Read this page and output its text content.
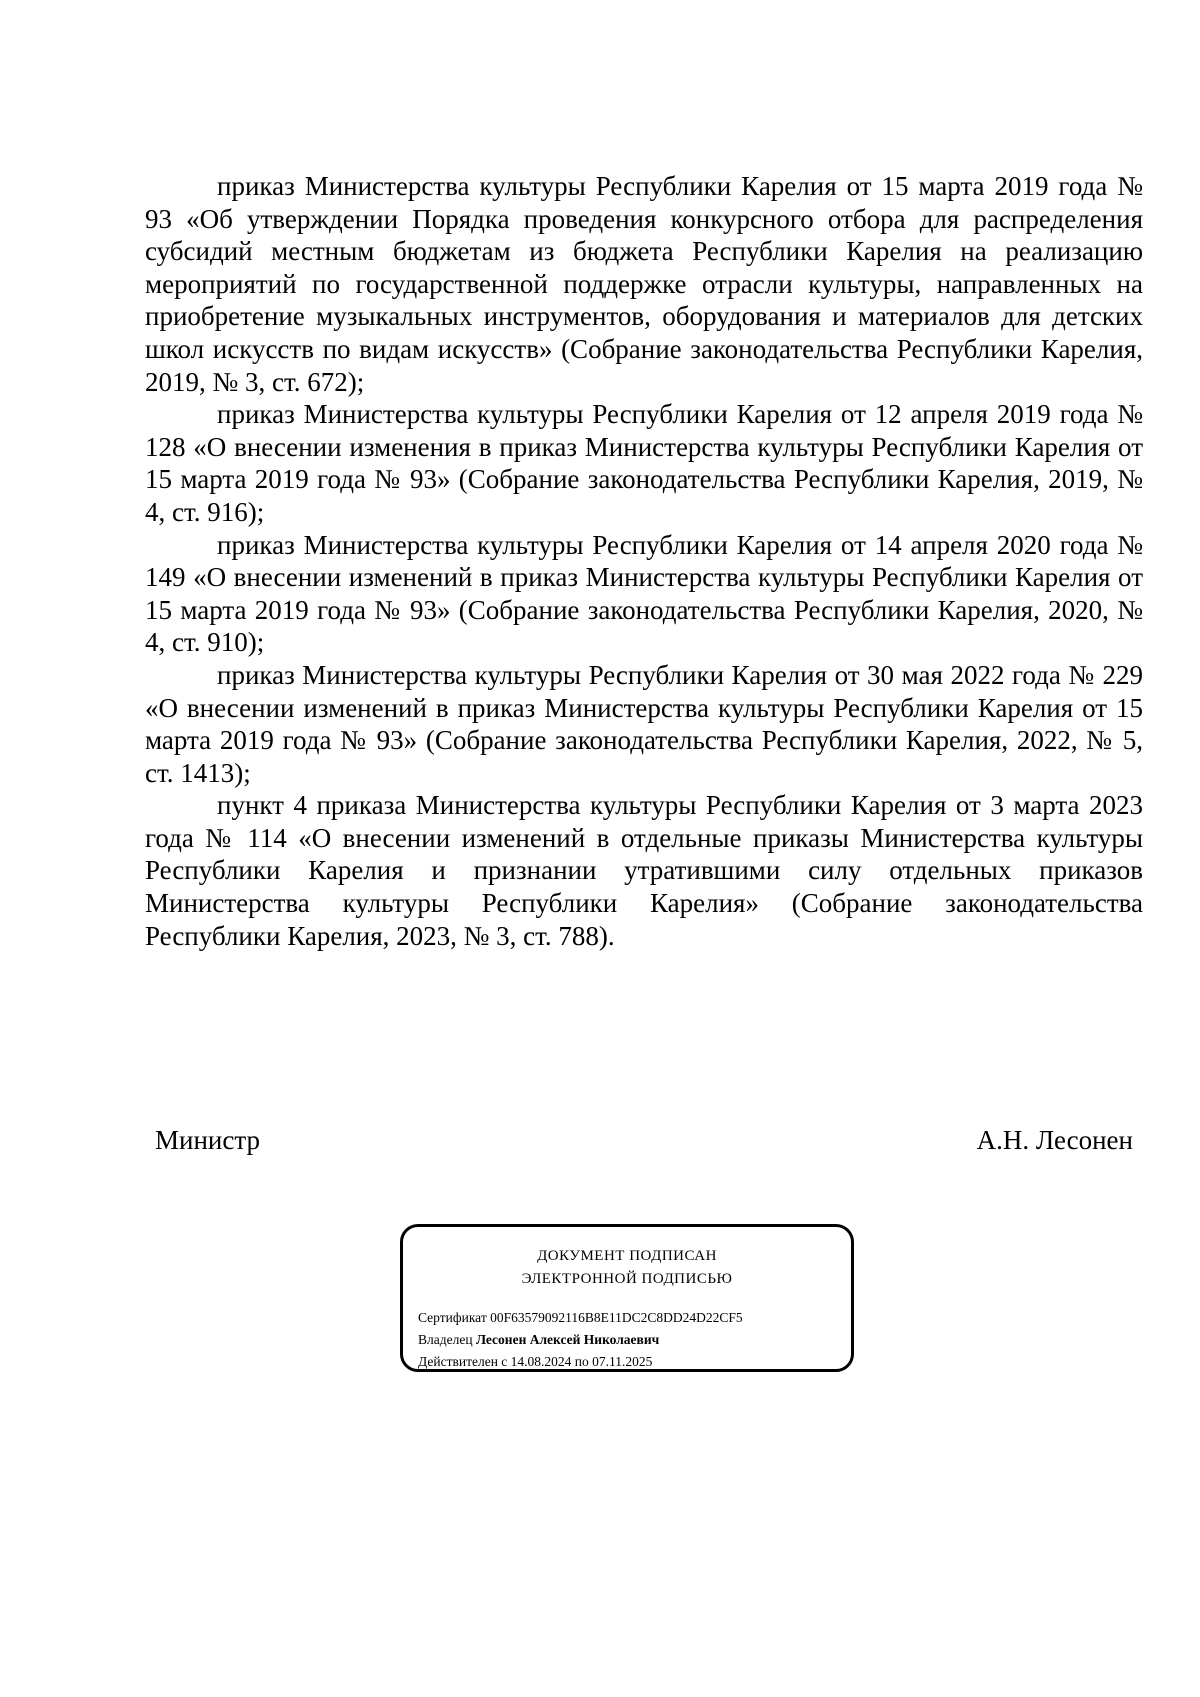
приказ Министерства культуры Республики Карелия от 15 марта 2019 года № 93 «Об утверждении Порядка проведения конкурсного отбора для распределения субсидий местным бюджетам из бюджета Республики Карелия на реализацию мероприятий по государственной поддержке отрасли культуры, направленных на приобретение музыкальных инструментов, оборудования и материалов для детских школ искусств по видам искусств» (Собрание законодательства Республики Карелия, 2019, № 3, ст. 672);

приказ Министерства культуры Республики Карелия от 12 апреля 2019 года № 128 «О внесении изменения в приказ Министерства культуры Республики Карелия от 15 марта 2019 года № 93» (Собрание законодательства Республики Карелия, 2019, № 4, ст. 916);

приказ Министерства культуры Республики Карелия от 14 апреля 2020 года № 149 «О внесении изменений в приказ Министерства культуры Республики Карелия от 15 марта 2019 года № 93» (Собрание законодательства Республики Карелия, 2020, № 4, ст. 910);

приказ Министерства культуры Республики Карелия от 30 мая 2022 года № 229 «О внесении изменений в приказ Министерства культуры Республики Карелия от 15 марта 2019 года № 93» (Собрание законодательства Республики Карелия, 2022, № 5, ст. 1413);

пункт 4 приказа Министерства культуры Республики Карелия от 3 марта 2023 года № 114 «О внесении изменений в отдельные приказы Министерства культуры Республики Карелия и признании утратившими силу отдельных приказов Министерства культуры Республики Карелия» (Собрание законодательства Республики Карелия, 2023, № 3, ст. 788).

Министр	А.Н. Лесонен
ДОКУМЕНТ ПОДПИСАН
ЭЛЕКТРОННОЙ ПОДПИСЬЮ
Сертификат 00F63579092116B8E11DC2C8DD24D22CF5
Владелец Лесонен Алексей Николаевич
Действителен с 14.08.2024 по 07.11.2025
